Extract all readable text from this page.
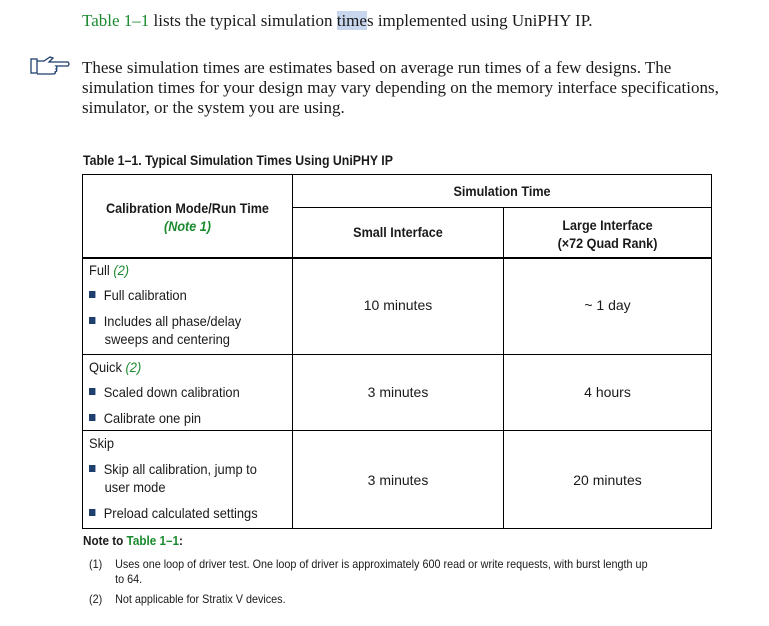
Table 1–1 lists the typical simulation times implemented using UniPHY IP.
These simulation times are estimates based on average run times of a few designs. The simulation times for your design may vary depending on the memory interface specifications, simulator, or the system you are using.
Table 1–1. Typical Simulation Times Using UniPHY IP
Calibration Mode/Run Time
(Note 1)
Simulation Time
Small Interface	Large Interface
(×72 Quad Rank)
Full (2)
Full calibration
Includes all phase/delay
sweeps and centering
10 minutes	~ 1 day
Quick (2)
Scaled down calibration
Calibrate one pin
3 minutes	4 hours
Skip
Skip all calibration, jump to
user mode
Preload calculated settings
3 minutes	20 minutes
Note to Table 1–1:
(1) Uses one loop of driver test. One loop of driver is approximately 600 read or write requests, with burst length up
to 64.
(2) Not applicable for Stratix V devices.
